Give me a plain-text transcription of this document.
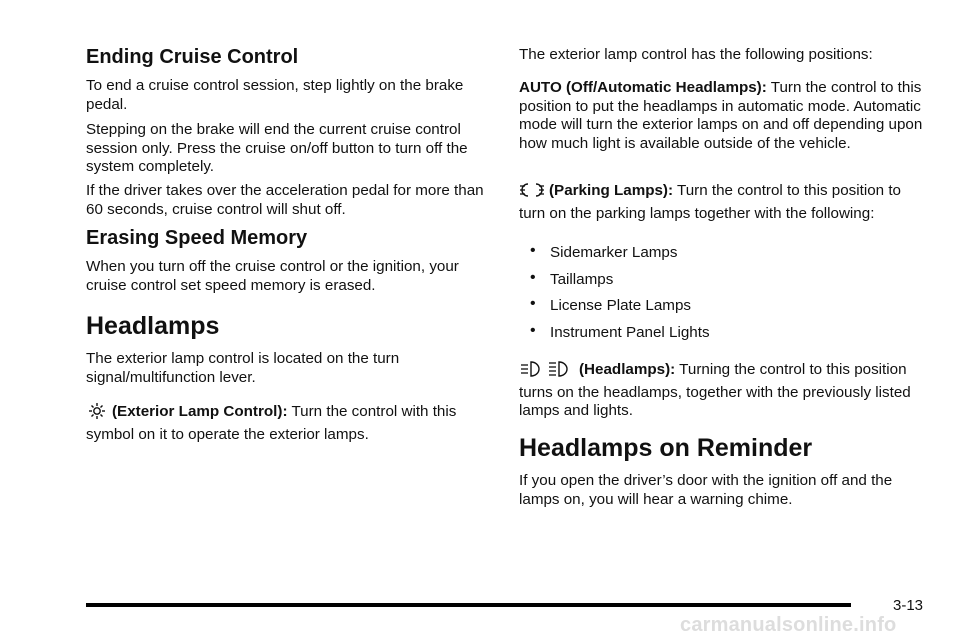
Ending Cruise Control

To end a cruise control session, step lightly on the brake pedal.

Stepping on the brake will end the current cruise control session only. Press the cruise on/off button to turn off the system completely.

If the driver takes over the acceleration pedal for more than 60 seconds, cruise control will shut off.

Erasing Speed Memory

When you turn off the cruise control or the ignition, your cruise control set speed memory is erased.

Headlamps

The exterior lamp control is located on the turn signal/multifunction lever.

(Exterior Lamp Control): Turn the control with this symbol on it to operate the exterior lamps.

The exterior lamp control has the following positions:

AUTO (Off/Automatic Headlamps): Turn the control to this position to put the headlamps in automatic mode. Automatic mode will turn the exterior lamps on and off depending upon how much light is available outside of the vehicle.

(Parking Lamps): Turn the control to this position to turn on the parking lamps together with the following:

• Sidemarker Lamps
• Taillamps
• License Plate Lamps
• Instrument Panel Lights

(Headlamps): Turning the control to this position turns on the headlamps, together with the previously listed lamps and lights.

Headlamps on Reminder

If you open the driver’s door with the ignition off and the lamps on, you will hear a warning chime.

3-13
carmanualsonline.info
